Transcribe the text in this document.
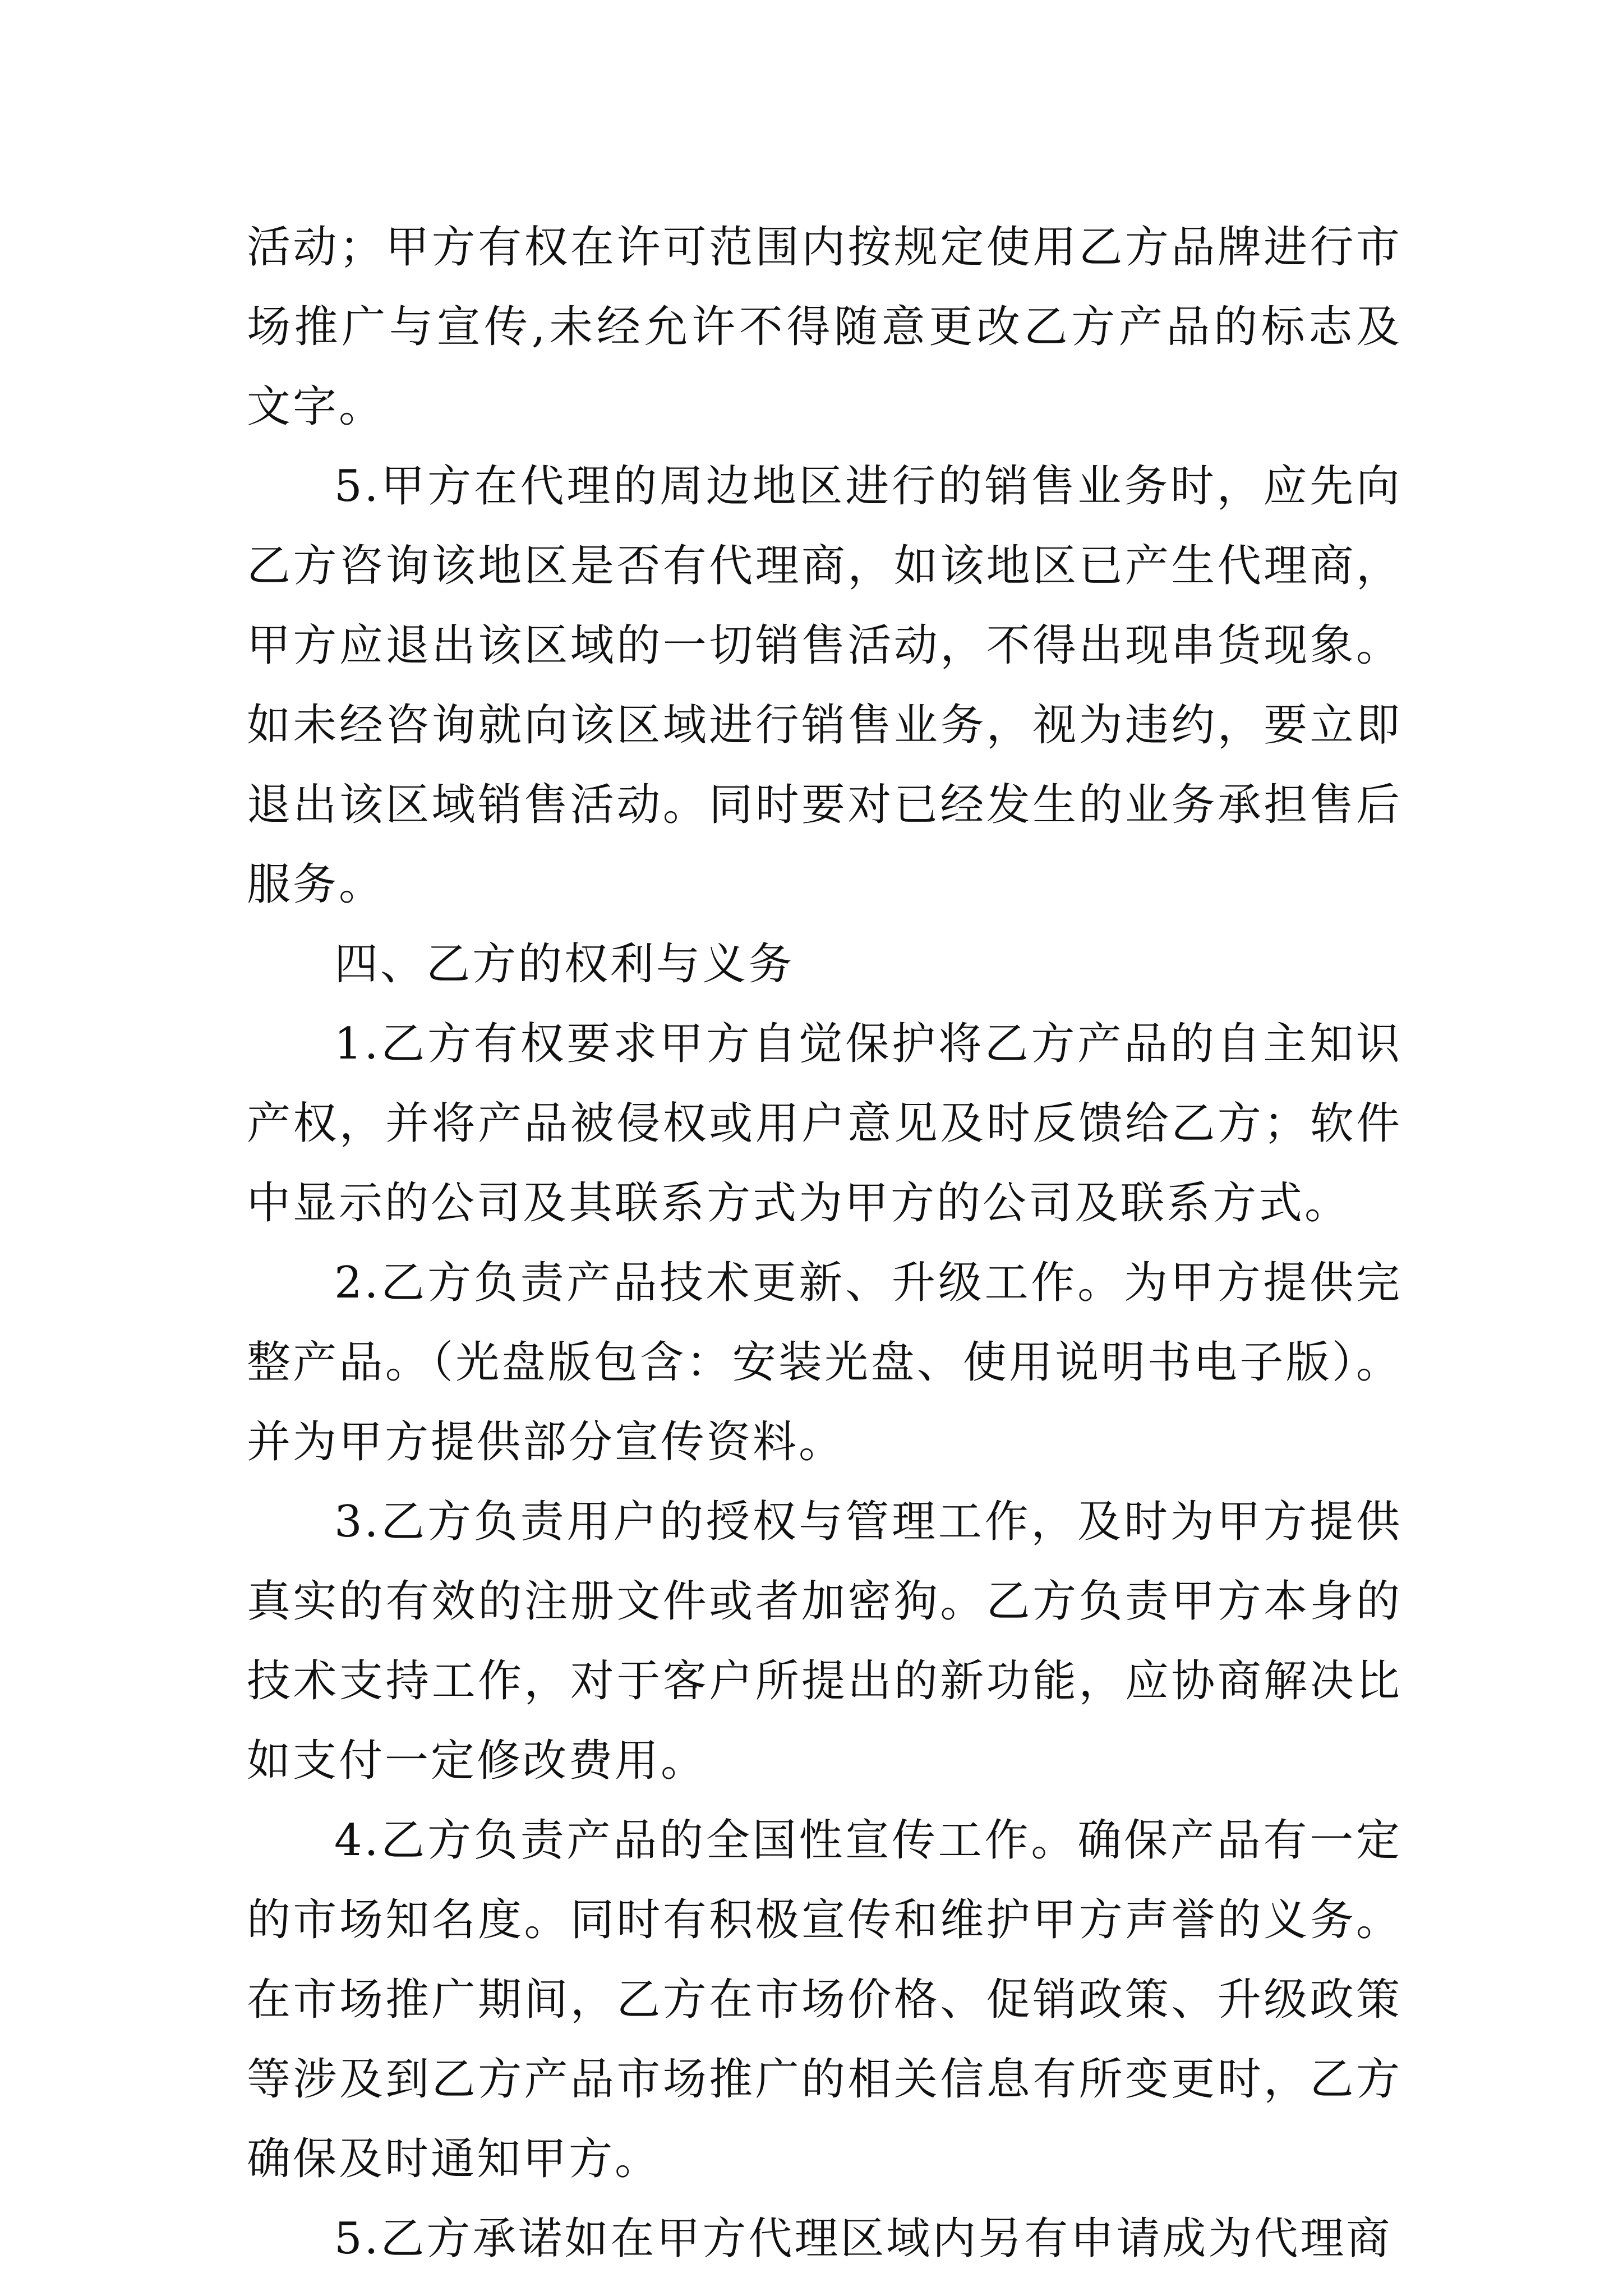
活动；甲方有权在许可范围内按规定使用乙方品牌进行市场推广与宣传,未经允许不得随意更改乙方产品的标志及文字。

5.甲方在代理的周边地区进行的销售业务时，应先向乙方咨询该地区是否有代理商，如该地区已产生代理商，甲方应退出该区域的一切销售活动，不得出现串货现象。如未经咨询就向该区域进行销售业务，视为违约，要立即退出该区域销售活动。同时要对已经发生的业务承担售后服务。

四、乙方的权利与义务

1.乙方有权要求甲方自觉保护将乙方产品的自主知识产权，并将产品被侵权或用户意见及时反馈给乙方；软件中显示的公司及其联系方式为甲方的公司及联系方式。

2.乙方负责产品技术更新、升级工作。为甲方提供完整产品。（光盘版包含：安装光盘、使用说明书电子版）。并为甲方提供部分宣传资料。

3.乙方负责用户的授权与管理工作，及时为甲方提供真实的有效的注册文件或者加密狗。乙方负责甲方本身的技术支持工作，对于客户所提出的新功能，应协商解决比如支付一定修改费用。

4.乙方负责产品的全国性宣传工作。确保产品有一定的市场知名度。同时有积极宣传和维护甲方声誉的义务。在市场推广期间，乙方在市场价格、促销政策、升级政策等涉及到乙方产品市场推广的相关信息有所变更时，乙方确保及时通知甲方。

5.乙方承诺如在甲方代理区域内另有申请成为代理商
